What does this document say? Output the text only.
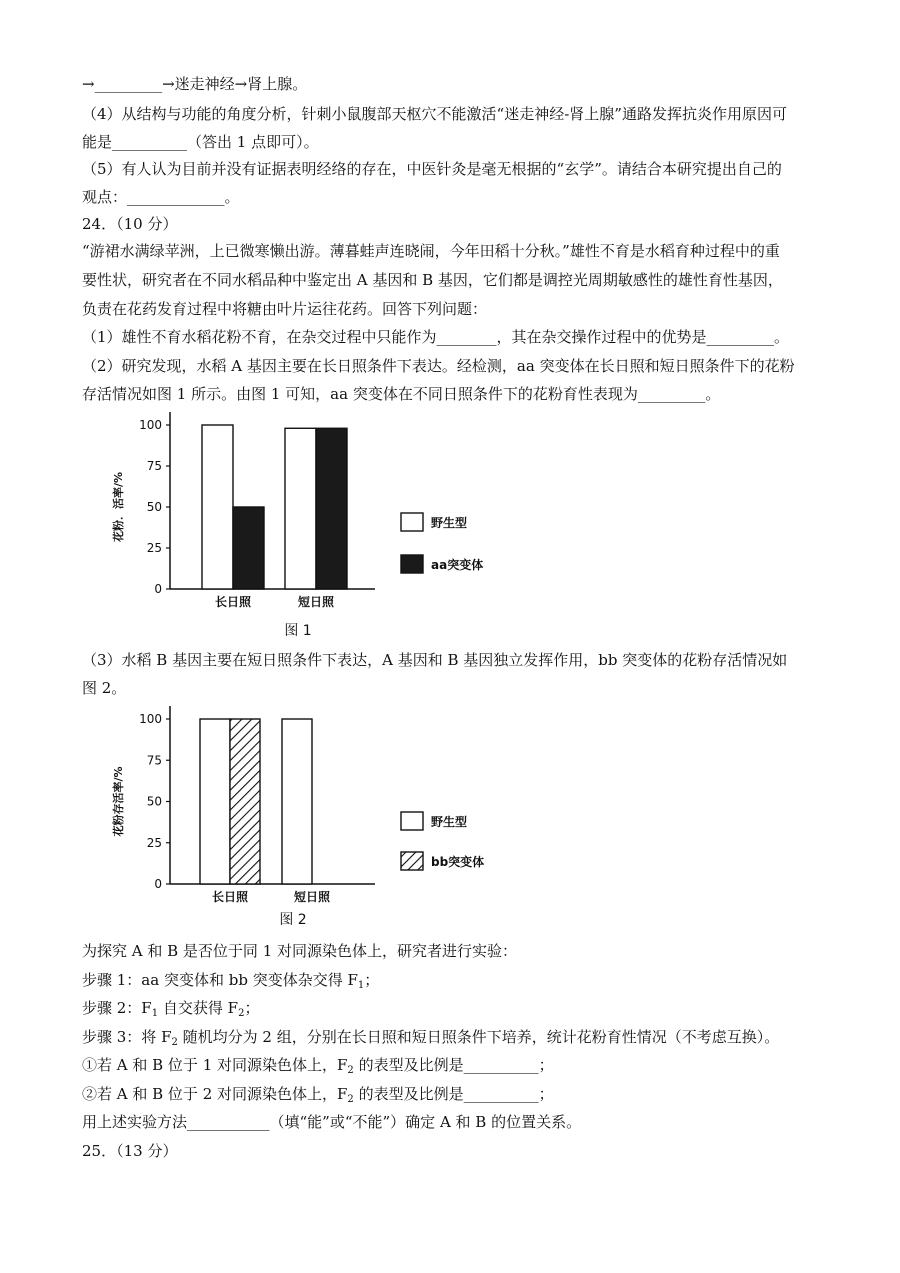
→_________→迷走神经→肾上腺。
（4）从结构与功能的角度分析，针刺小鼠腹部天枢穴不能激活“迷走神经-肾上腺”通路发挥抗炎作用原因可
能是__________（答出 1 点即可）。
（5）有人认为目前并没有证据表明经络的存在，中医针灸是毫无根据的“玄学”。请结合本研究提出自己的
观点：_____________。
24．（10 分）
“游裙水满绿苹洲，上已微寒懒出游。薄暮蛙声连晓闹，今年田稻十分秋。”雄性不育是水稻育种过程中的重
要性状，研究者在不同水稻品种中鉴定出 A 基因和 B 基因，它们都是调控光周期敏感性的雄性育性基因，
负责在花药发育过程中将糖由叶片运往花药。回答下列问题：
（1）雄性不育水稻花粉不育，在杂交过程中只能作为________，其在杂交操作过程中的优势是_________。
（2）研究发现，水稻 A 基因主要在长日照条件下表达。经检测，aa 突变体在长日照和短日照条件下的花粉
存活情况如图 1 所示。由图 1 可知，aa 突变体在不同日照条件下的花粉育性表现为_________。
0
25
50
75
100
花粉．活率/%
长日照	短日照
野生型
aa突变体
图 1
（3）水稻 B 基因主要在短日照条件下表达，A 基因和 B 基因独立发挥作用，bb 突变体的花粉存活情况如
图 2。
0
25
50
75
100
花粉存活率/%
长日照	短日照
野生型
bb突变体
图 2
为探究 A 和 B 是否位于同 1 对同源染色体上，研究者进行实验：
步骤 1：aa 突变体和 bb 突变体杂交得 $F_1$；
步骤 2：$F_1$ 自交获得 $F_2$；
步骤 3：将 $F_2$ 随机均分为 2 组，分别在长日照和短日照条件下培养，统计花粉育性情况（不考虑互换）。
①若 A 和 B 位于 1 对同源染色体上，$F_2$ 的表型及比例是__________；
②若 A 和 B 位于 2 对同源染色体上，$F_2$ 的表型及比例是__________；
用上述实验方法___________（填“能”或“不能”）确定 A 和 B 的位置关系。
25．（13 分）
